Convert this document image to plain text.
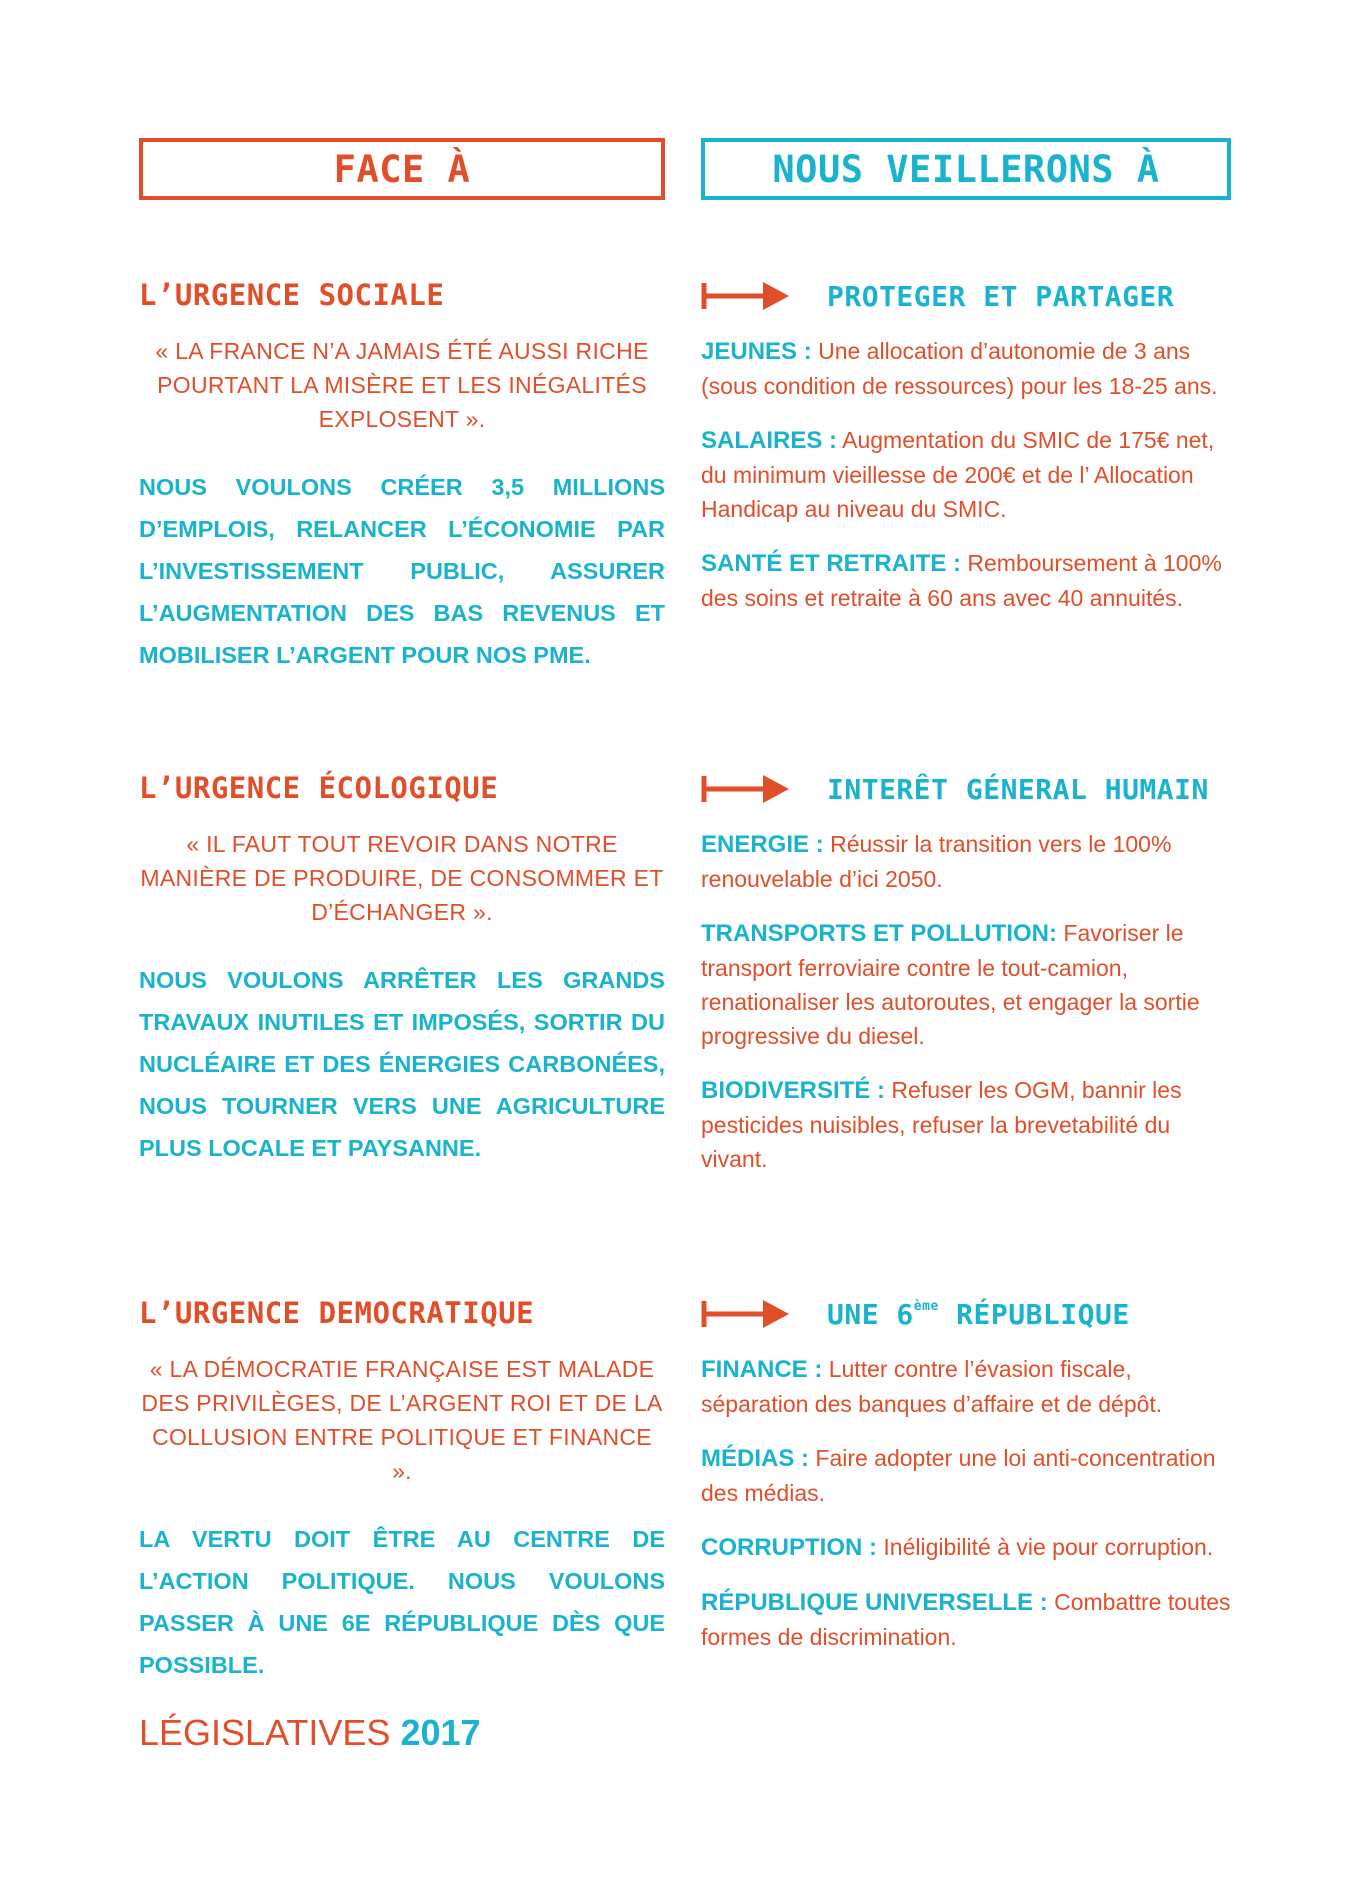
FACE À	NOUS VEILLERONS À
L’URGENCE SOCIALE

« LA FRANCE N’A JAMAIS ÉTÉ AUSSI RICHE POURTANT LA MISÈRE ET LES INÉGALITÉS EXPLOSENT ».

NOUS VOULONS CRÉER 3,5 MILLIONS D’EMPLOIS, RELANCER L’ÉCONOMIE PAR L’INVESTISSEMENT PUBLIC, ASSURER L’AUGMENTATION DES BAS REVENUS ET MOBILISER L’ARGENT POUR NOS PME.

PROTEGER ET PARTAGER

JEUNES : Une allocation d’autonomie de 3 ans (sous condition de ressources) pour les 18-25 ans.

SALAIRES : Augmentation du SMIC de 175€ net, du minimum vieillesse de 200€ et de l’ Allocation Handicap au niveau du SMIC.

SANTÉ ET RETRAITE : Remboursement à 100% des soins et retraite à 60 ans avec 40 annuités.

L’URGENCE ÉCOLOGIQUE

« IL FAUT TOUT REVOIR DANS NOTRE MANIÈRE DE PRODUIRE, DE CONSOMMER ET D’ÉCHANGER ».

NOUS VOULONS ARRÊTER LES GRANDS TRAVAUX INUTILES ET IMPOSÉS, SORTIR DU NUCLÉAIRE ET DES ÉNERGIES CARBONÉES, NOUS TOURNER VERS UNE AGRICULTURE PLUS LOCALE ET PAYSANNE.

INTERÊT GÉNERAL HUMAIN

ENERGIE : Réussir la transition vers le 100% renouvelable d’ici 2050.

TRANSPORTS ET POLLUTION: Favoriser le transport ferroviaire contre le tout-camion, renationaliser les autoroutes, et engager la sortie progressive du diesel.

BIODIVERSITÉ : Refuser les OGM, bannir les pesticides nuisibles, refuser la brevetabilité du vivant.

L’URGENCE DEMOCRATIQUE

« LA DÉMOCRATIE FRANÇAISE EST MALADE DES PRIVILÈGES, DE L’ARGENT ROI ET DE LA COLLUSION ENTRE POLITIQUE ET FINANCE ».

LA VERTU DOIT ÊTRE AU CENTRE DE L’ACTION POLITIQUE. NOUS VOULONS PASSER À UNE 6E RÉPUBLIQUE DÈS QUE POSSIBLE.

UNE 6ème RÉPUBLIQUE

FINANCE : Lutter contre l’évasion fiscale, séparation des banques d’affaire et de dépôt.

MÉDIAS : Faire adopter une loi anti-concentration des médias.

CORRUPTION : Inéligibilité à vie pour corruption.

RÉPUBLIQUE UNIVERSELLE : Combattre toutes formes de discrimination.

LÉGISLATIVES 2017
